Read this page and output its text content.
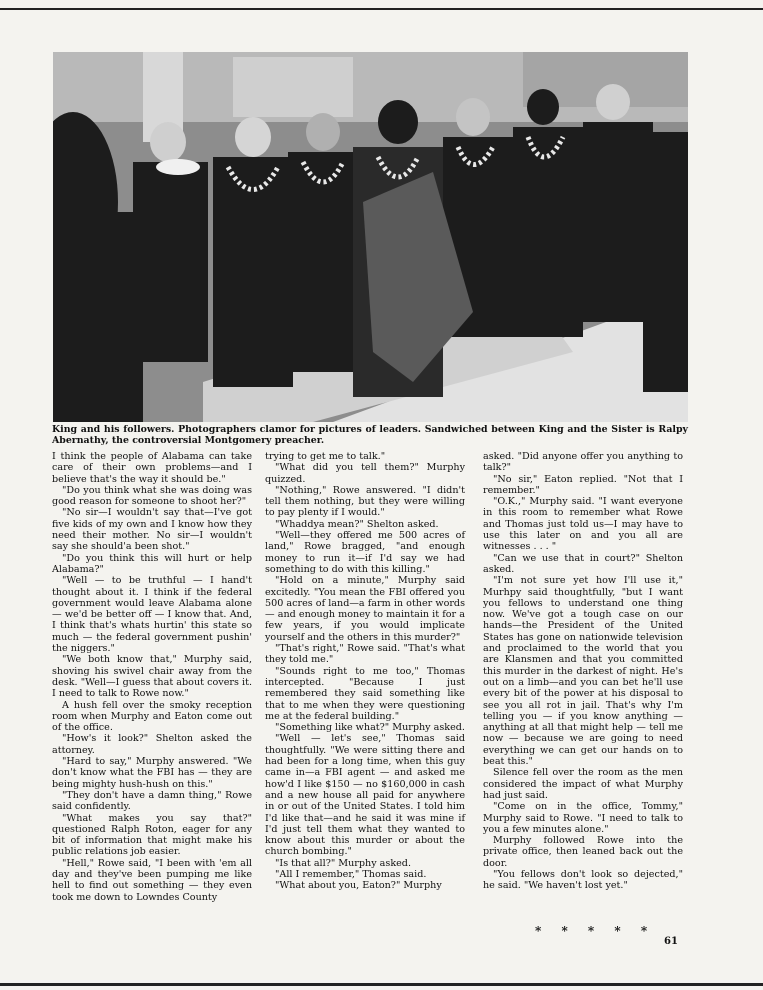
King and his followers. Photographers clamor for pictures of leaders. Sandwiched between King and the Sister is Ralpy Abernathy, the controversial Montgomery preacher.

I think the people of Alabama can take care of their own problems—and I believe that's the way it should be."

"Do you think what she was doing was good reason for someone to shoot her?"

"No sir—I wouldn't say that—I've got five kids of my own and I know how they need their mother. No sir—I wouldn't say she should'a been shot."

"Do you think this will hurt or help Alabama?"

"Well — to be truthful — I hand't thought about it. I think if the federal government would leave Alabama alone — we'd be better off — I know that. And, I think that's whats hurtin' this state so much — the federal government pushin' the niggers."

"We both know that," Murphy said, shoving his swivel chair away from the desk. "Well—I guess that about covers it. I need to talk to Rowe now."

A hush fell over the smoky reception room when Murphy and Eaton come out of the office.

"How's it look?" Shelton asked the attorney.

"Hard to say," Murphy answered. "We don't know what the FBI has — they are being mighty hush-hush on this."

"They don't have a damn thing," Rowe said confidently.

"What makes you say that?" questioned Ralph Roton, eager for any bit of information that might make his public relations job easier.

"Hell," Rowe said, "I been with 'em all day and they've been pumping me like hell to find out something — they even took me down to Lowndes County

trying to get me to talk."

"What did you tell them?" Murphy quizzed.

"Nothing," Rowe answered. "I didn't tell them nothing, but they were willing to pay plenty if I would."

"Whaddya mean?" Shelton asked.

"Well—they offered me 500 acres of land," Rowe bragged, "and enough money to run it—if I'd say we had something to do with this killing."

"Hold on a minute," Murphy said excitedly. "You mean the FBI offered you 500 acres of land—a farm in other words — and enough money to maintain it for a few years, if you would implicate yourself and the others in this murder?"

"That's right," Rowe said. "That's what they told me."

"Sounds right to me too," Thomas intercepted. "Because I just remembered they said something like that to me when they were questioning me at the federal building."

"Something like what?" Murphy asked.

"Well — let's see," Thomas said thoughtfully. "We were sitting there and had been for a long time, when this guy came in—a FBI agent — and asked me how'd I like $150 — no $160,000 in cash and a new house all paid for anywhere in or out of the United States. I told him I'd like that—and he said it was mine if I'd just tell them what they wanted to know about this murder or about the church bombing."

"Is that all?" Murphy asked.

"All I remember," Thomas said.

"What about you, Eaton?" Murphy

asked. "Did anyone offer you anything to talk?"

"No sir," Eaton replied. "Not that I remember."

"O.K.," Murphy said. "I want everyone in this room to remember what Rowe and Thomas just told us—I may have to use this later on and you all are witnesses . . . "

"Can we use that in court?" Shelton asked.

"I'm not sure yet how I'll use it," Murhpy said thoughtfully, "but I want you fellows to understand one thing now. We've got a tough case on our hands—the President of the United States has gone on nationwide television and proclaimed to the world that you are Klansmen and that you committed this murder in the darkest of night. He's out on a limb—and you can bet he'll use every bit of the power at his disposal to see you all rot in jail. That's why I'm telling you — if you know anything — anything at all that might help — tell me now — because we are going to need everything we can get our hands on to beat this."

Silence fell over the room as the men considered the impact of what Murphy had just said.

"Come on in the office, Tommy," Murphy said to Rowe. "I need to talk to you a few minutes alone."

Murphy followed Rowe into the private office, then leaned back out the door.

"You fellows don't look so dejected," he said. "We haven't lost yet."

* * * * *
61
